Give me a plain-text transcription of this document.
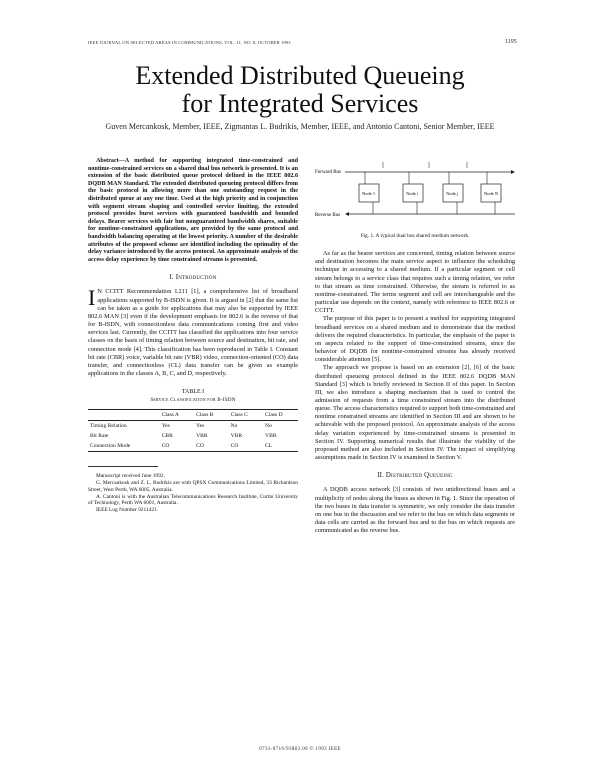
IEEE JOURNAL ON SELECTED AREAS IN COMMUNICATIONS, VOL. 11, NO. 8, OCTOBER 1993	1195
Extended Distributed Queueing
for Integrated Services
Guven Mercankosk, Member, IEEE, Zigmantas L. Budrikis, Member, IEEE, and Antonio Cantoni, Senior Member, IEEE

Abstract—A method for supporting integrated time-constrained and nontime-constrained services on a shared dual bus network is presented. It is an extension of the basic distributed queue protocol defined in the IEEE 802.6 DQDB MAN Standard. The extended distributed queueing protocol differs from the basic protocol in allowing more than one outstanding request in the distributed queue at any one time. Used at the high priority and in conjunction with segment stream shaping and controlled service limiting, the extended protocol provides burst services with guaranteed bandwidth and bounded delays. Bearer services with fair but nonguaranteed bandwidth shares, suitable for nontime-constrained applications, are provided by the same protocol and bandwidth balancing operating at the lowest priority. A number of the desirable attributes of the proposed scheme are identified including the optimality of the delay variance introduced by the access protocol. An approximate analysis of the access delay experience by time constrained streams is presented.

I. Introduction

I N CCITT Recommendation I.211 [1], a comprehensive list of broadband applications supported by B-ISDN is given. It is argued in [2] that the same list can be taken as a guide for applications that may also be supported by IEEE 802.6 MAN [3] even if the development emphasis for 802.6 is the reverse of that for B-ISDN, with connectionless data communications coming first and video services last. Currently, the CCITT has classified the applications into four service classes on the basis of timing relation between source and destination, bit rate, and connection mode [4]. This classification has been reproduced in Table I. Constant bit rate (CBR) voice, variable bit rate (VBR) video, connection-oriented (CO) data transfer, and connectionless (CL) data transfer can be given as example applications in the classes A, B, C, and D, respectively.

TABLE I

Service Classification for B-ISDN

	Class A	Class B	Class C	Class D
Timing Relation	Yes	Yes	No	No
Bit Rate	CBR	VBR	VBR	VBR
Connection Mode	CO	CO	CO	CL

Manuscript received June 1992.

G. Mercankosk and Z. L. Budrikis are with QPSX Communications Limited, 33 Richardson Street, West Perth, WA 6005, Australia.

A. Cantoni is with the Australian Telecommunications Research Institute, Curtin University of Technology, Perth WA 6001, Australia.

IEEE Log Number 9211421.

Forward Bus
Reverse Bus
Node 1	Node i	Node j	Node N

Fig. 1. A typical dual bus shared medium network.

As far as the bearer services are concerned, timing relation between source and destination becomes the main service aspect to influence the scheduling technique in accessing to a shared medium. If a particular segment or cell stream belongs to a service class that requires such a timing relation, we refer to that stream as time constrained. Otherwise, the stream is referred to as nontime-constrained. The terms segment and cell are interchangeable and the particular use depends on the context, namely with reference to IEEE 802.6 or CCITT.

The purpose of this paper is to present a method for supporting integrated broadband services on a shared medium and to demonstrate that the method delivers the required characteristics. In particular, the emphasis of the paper is on aspects related to the support of time-constrained streams, since the behavior of DQDB for nontime-constrained streams has already received considerable attention [5].

The approach we propose is based on an extension [2], [6] of the basic distributed queueing protocol defined in the IEEE 802.6 DQDB MAN Standard [3] which is briefly reviewed in Section II of this paper. In Section III, we also introduce a shaping mechanism that is used to control the admission of requests from a time constrained stream into the distributed queue. The access characteristics required to support both time-constrained and nontime constrained streams are identified in Section III and are shown to be achievable with the proposed protocol. An approximate analysis of the access delay variation experienced by time-constrained streams is presented in Section IV. Supporting numerical results that illustrate the viability of the proposed method are also included in Section IV. The impact of simplifying assumptions made in Section IV is examined in Section V.

II. Distributed Queueing

A DQDB access network [3] consists of two unidirectional buses and a multiplicity of nodes along the buses as shown in Fig. 1. Since the operation of the two buses in data transfer is symmetric, we only consider the data transfer on one bus in the discussion and we refer to the bus on which data segments or data cells are carried as the forward bus and to the bus on which requests are communicated as the reverse bus.

0733-8716/93$03.00 © 1993 IEEE
